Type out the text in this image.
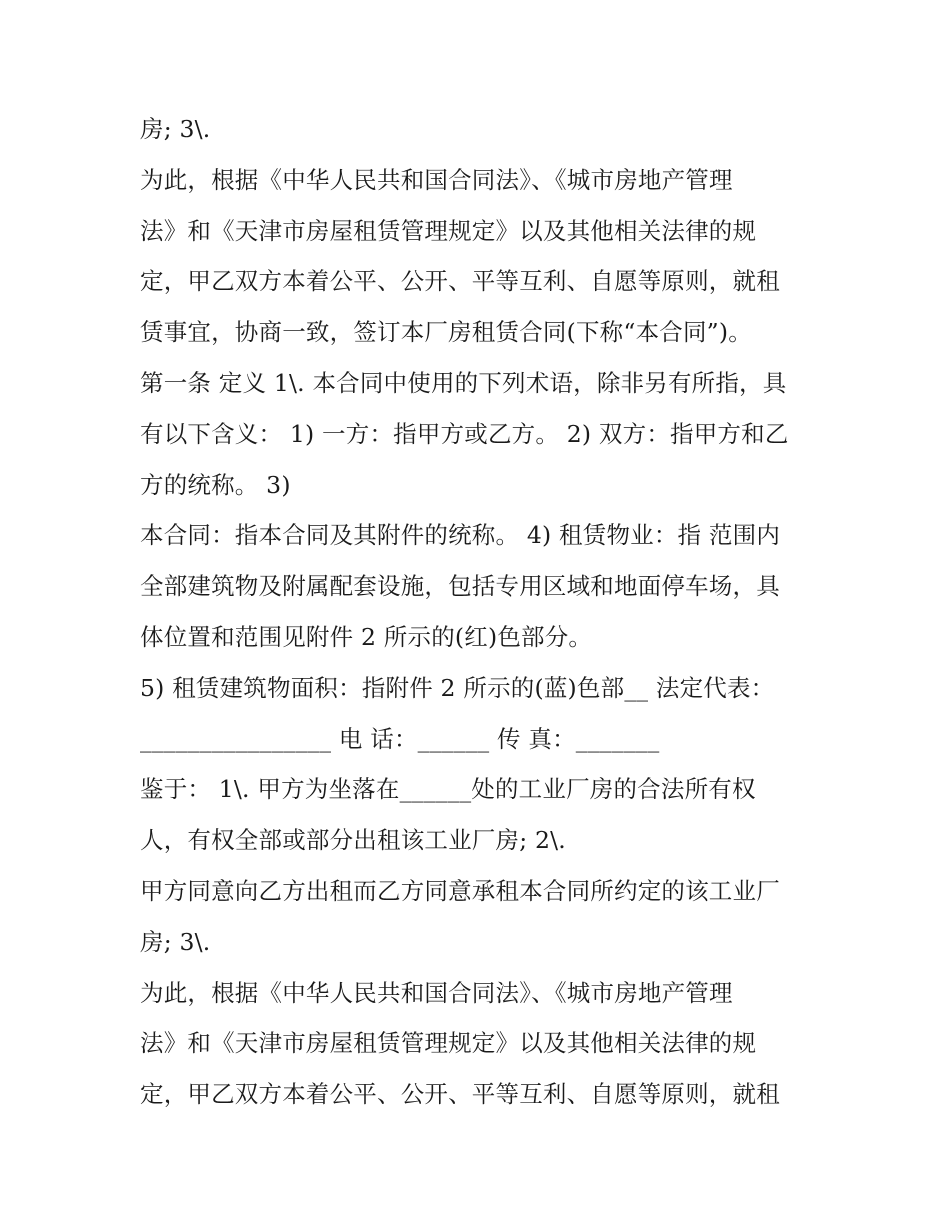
房; 3\.
为此，根据《中华人民共和国合同法》、《城市房地产管理
法》和《天津市房屋租赁管理规定》以及其他相关法律的规
定，甲乙双方本着公平、公开、平等互利、自愿等原则，就租
赁事宜，协商一致，签订本厂房租赁合同(下称“本合同”)。
第一条 定义 1\. 本合同中使用的下列术语，除非另有所指，具
有以下含义： 1) 一方：指甲方或乙方。 2) 双方：指甲方和乙
方的统称。 3)
本合同：指本合同及其附件的统称。 4) 租赁物业：指 范围内
全部建筑物及附属配套设施，包括专用区域和地面停车场，具
体位置和范围见附件 2 所示的(红)色部分。
5) 租赁建筑物面积：指附件 2 所示的(蓝)色部__ 法定代表：
________________ 电 话：______ 传 真：_______
鉴于： 1\. 甲方为坐落在______处的工业厂房的合法所有权
人，有权全部或部分出租该工业厂房; 2\.
甲方同意向乙方出租而乙方同意承租本合同所约定的该工业厂
房; 3\.
为此，根据《中华人民共和国合同法》、《城市房地产管理
法》和《天津市房屋租赁管理规定》以及其他相关法律的规
定，甲乙双方本着公平、公开、平等互利、自愿等原则，就租
